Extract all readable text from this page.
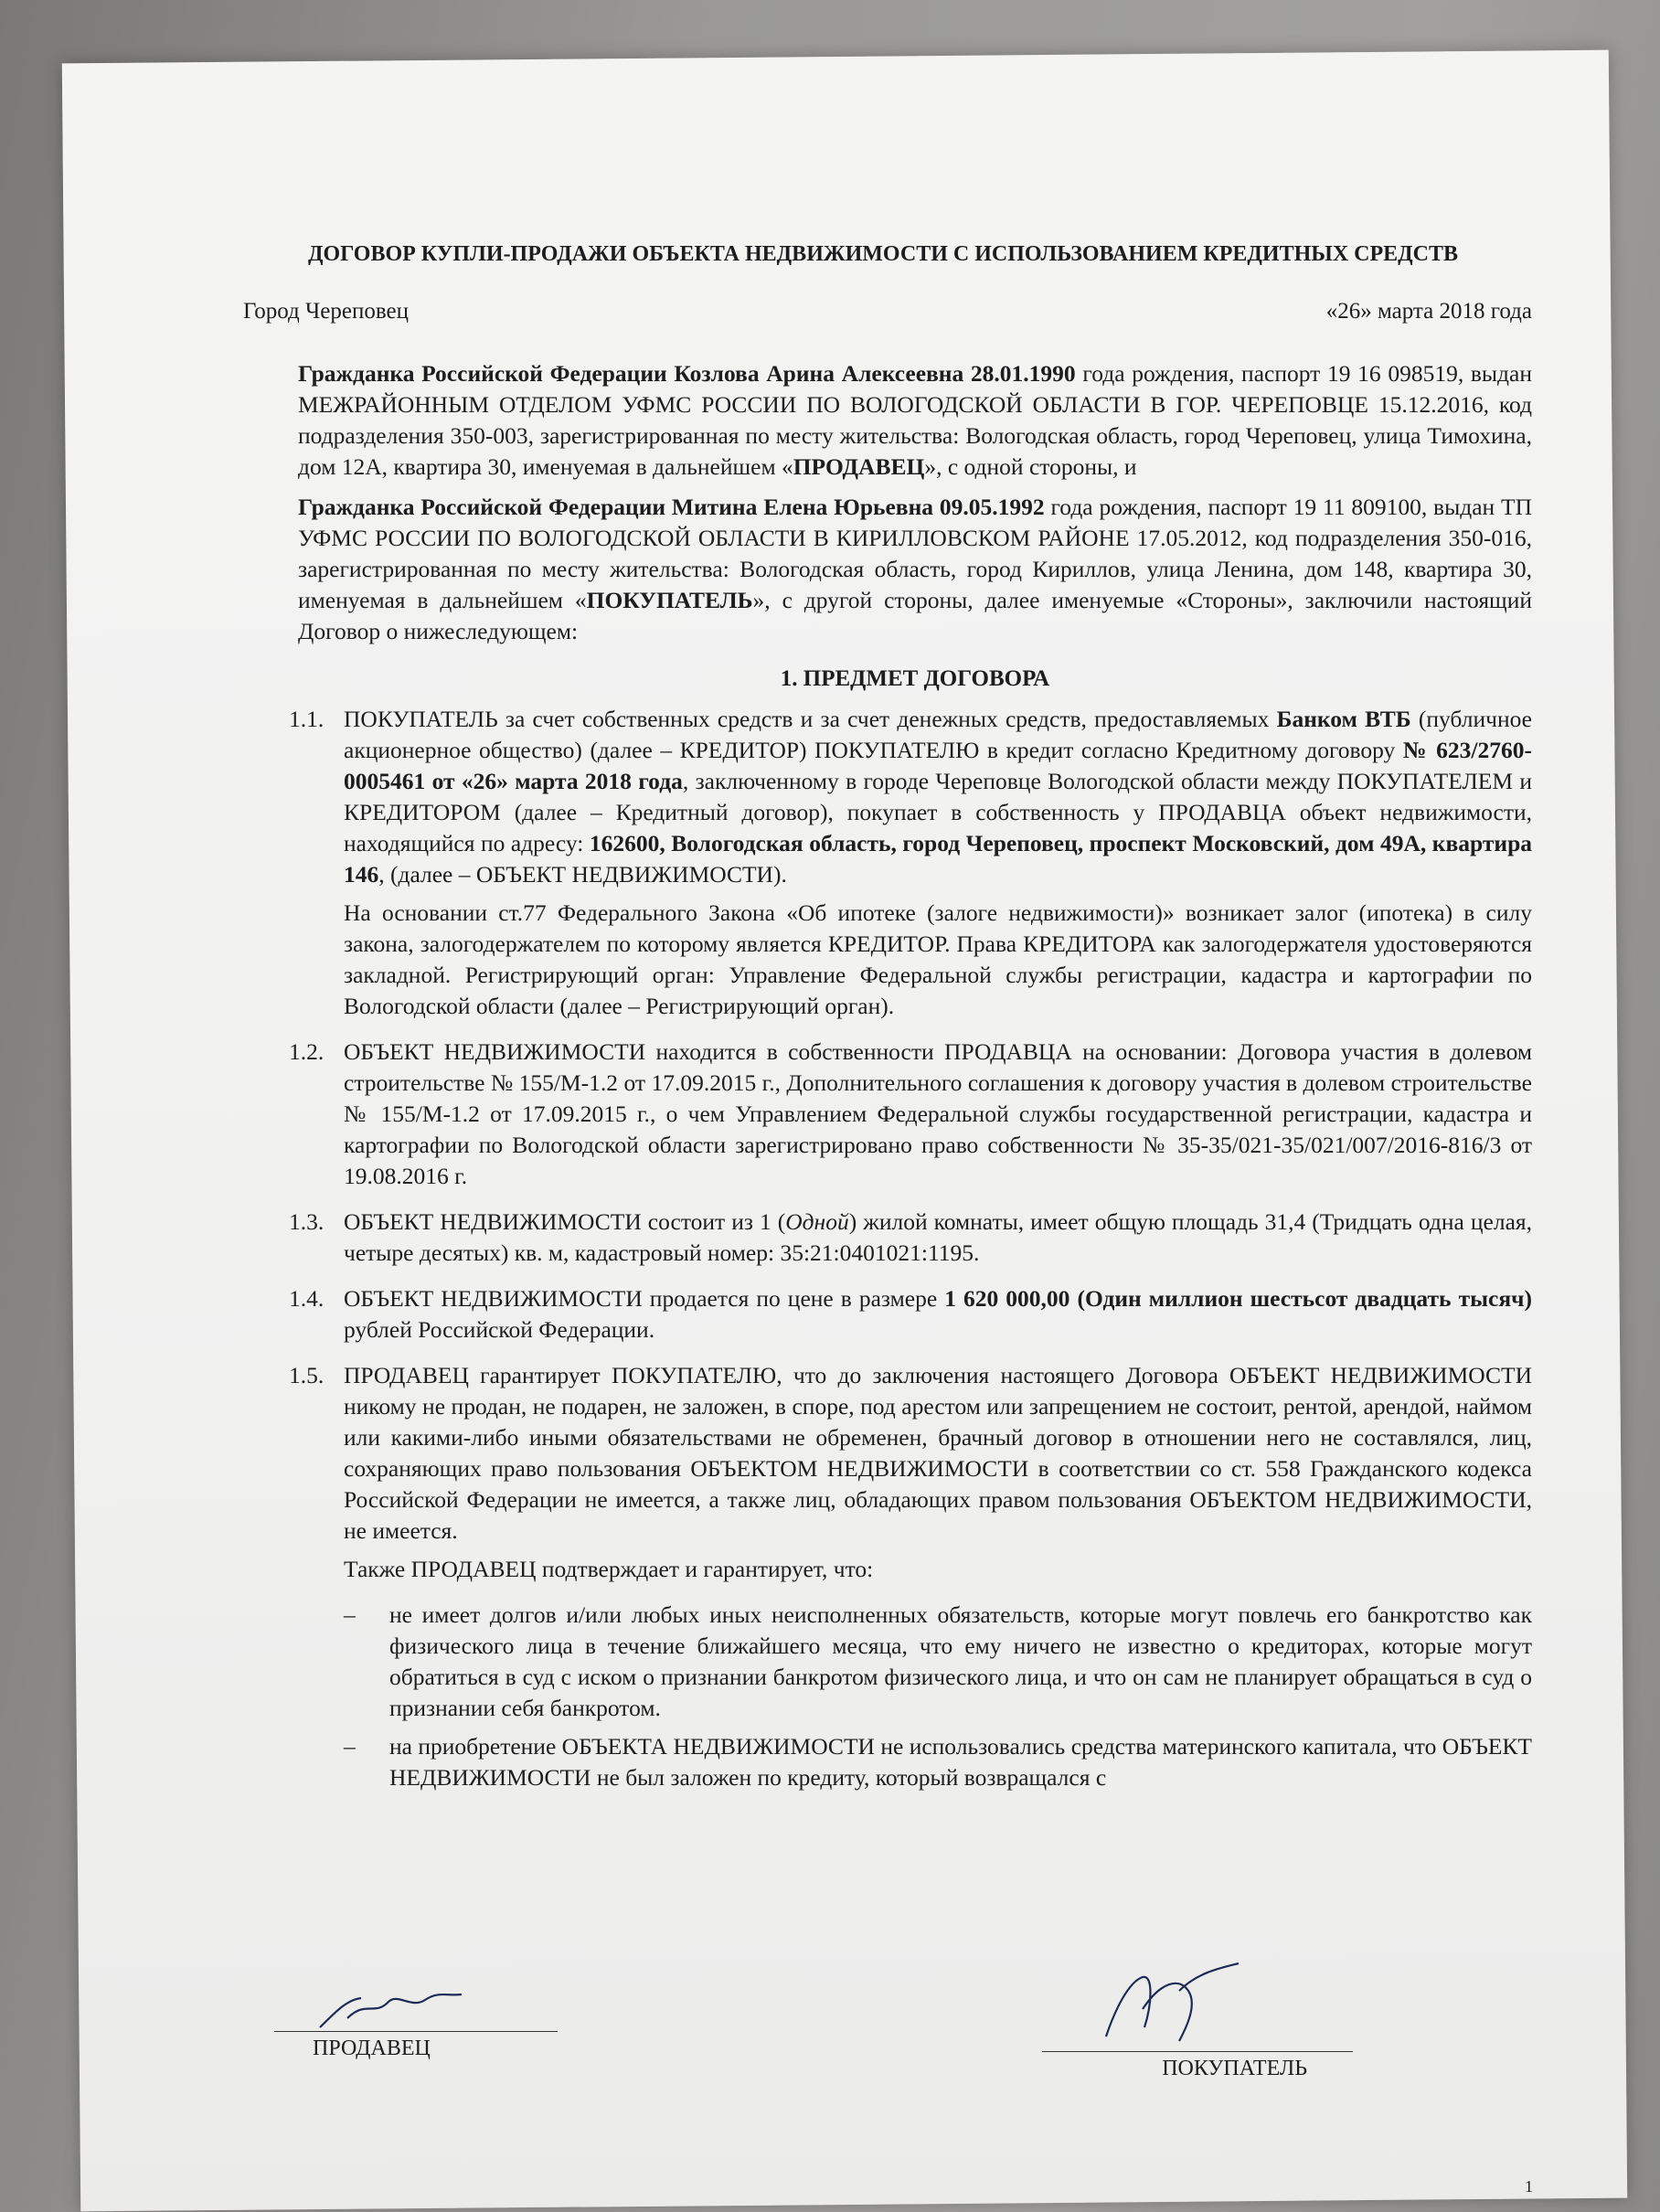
ДОГОВОР КУПЛИ-ПРОДАЖИ ОБЪЕКТА НЕДВИЖИМОСТИ С ИСПОЛЬЗОВАНИЕМ КРЕДИТНЫХ СРЕДСТВ
Город Череповец	«26» марта 2018 года

Гражданка Российской Федерации Козлова Арина Алексеевна 28.01.1990 года рождения, паспорт 19 16 098519, выдан МЕЖРАЙОННЫМ ОТДЕЛОМ УФМС РОССИИ ПО ВОЛОГОДСКОЙ ОБЛАСТИ В ГОР. ЧЕРЕПОВЦЕ 15.12.2016, код подразделения 350-003, зарегистрированная по месту жительства: Вологодская область, город Череповец, улица Тимохина, дом 12А, квартира 30, именуемая в дальнейшем «ПРОДАВЕЦ», с одной стороны, и

Гражданка Российской Федерации Митина Елена Юрьевна 09.05.1992 года рождения, паспорт 19 11 809100, выдан ТП УФМС РОССИИ ПО ВОЛОГОДСКОЙ ОБЛАСТИ В КИРИЛЛОВСКОМ РАЙОНЕ 17.05.2012, код подразделения 350-016, зарегистрированная по месту жительства: Вологодская область, город Кириллов, улица Ленина, дом 148, квартира 30, именуемая в дальнейшем «ПОКУПАТЕЛЬ», с другой стороны, далее именуемые «Стороны», заключили настоящий Договор о нижеследующем:

1. ПРЕДМЕТ ДОГОВОРА
1.1. ПОКУПАТЕЛЬ за счет собственных средств и за счет денежных средств, предоставляемых Банком ВТБ (публичное акционерное общество) (далее – КРЕДИТОР) ПОКУПАТЕЛЮ в кредит согласно Кредитному договору № 623/2760-0005461 от «26» марта 2018 года, заключенному в городе Череповце Вологодской области между ПОКУПАТЕЛЕМ и КРЕДИТОРОМ (далее – Кредитный договор), покупает в собственность у ПРОДАВЦА объект недвижимости, находящийся по адресу: 162600, Вологодская область, город Череповец, проспект Московский, дом 49А, квартира 146, (далее – ОБЪЕКТ НЕДВИЖИМОСТИ).

На основании ст.77 Федерального Закона «Об ипотеке (залоге недвижимости)» возникает залог (ипотека) в силу закона, залогодержателем по которому является КРЕДИТОР. Права КРЕДИТОРА как залогодержателя удостоверяются закладной. Регистрирующий орган: Управление Федеральной службы регистрации, кадастра и картографии по Вологодской области (далее – Регистрирующий орган).

1.2. ОБЪЕКТ НЕДВИЖИМОСТИ находится в собственности ПРОДАВЦА на основании: Договора участия в долевом строительстве № 155/М-1.2 от 17.09.2015 г., Дополнительного соглашения к договору участия в долевом строительстве № 155/М-1.2 от 17.09.2015 г., о чем Управлением Федеральной службы государственной регистрации, кадастра и картографии по Вологодской области зарегистрировано право собственности № 35-35/021-35/021/007/2016-816/3 от 19.08.2016 г.

1.3. ОБЪЕКТ НЕДВИЖИМОСТИ состоит из 1 (Одной) жилой комнаты, имеет общую площадь 31,4 (Тридцать одна целая, четыре десятых) кв. м, кадастровый номер: 35:21:0401021:1195.

1.4. ОБЪЕКТ НЕДВИЖИМОСТИ продается по цене в размере 1 620 000,00 (Один миллион шестьсот двадцать тысяч) рублей Российской Федерации.

1.5. ПРОДАВЕЦ гарантирует ПОКУПАТЕЛЮ, что до заключения настоящего Договора ОБЪЕКТ НЕДВИЖИМОСТИ никому не продан, не подарен, не заложен, в споре, под арестом или запрещением не состоит, рентой, арендой, наймом или какими-либо иными обязательствами не обременен, брачный договор в отношении него не составлялся, лиц, сохраняющих право пользования ОБЪЕКТОМ НЕДВИЖИМОСТИ в соответствии со ст. 558 Гражданского кодекса Российской Федерации не имеется, а также лиц, обладающих правом пользования ОБЪЕКТОМ НЕДВИЖИМОСТИ, не имеется.

Также ПРОДАВЕЦ подтверждает и гарантирует, что:

–	не имеет долгов и/или любых иных неисполненных обязательств, которые могут повлечь его банкротство как физического лица в течение ближайшего месяца, что ему ничего не известно о кредиторах, которые могут обратиться в суд с иском о признании банкротом физического лица, и что он сам не планирует обращаться в суд о признании себя банкротом.
–	на приобретение ОБЪЕКТА НЕДВИЖИМОСТИ не использовались средства материнского капитала, что ОБЪЕКТ НЕДВИЖИМОСТИ не был заложен по кредиту, который возвращался с
ПРОДАВЕЦ
ПОКУПАТЕЛЬ
1
